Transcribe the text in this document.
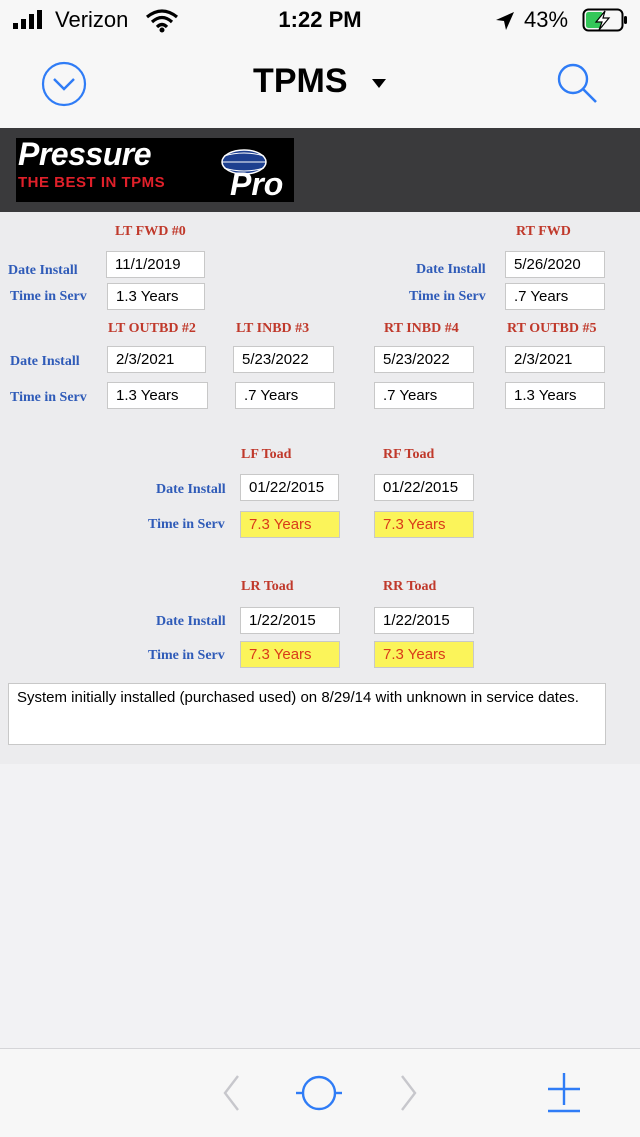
Verizon	1:22 PM	43%
TPMS
Pressure
THE BEST IN TPMS Pro
LT FWD #0	RT FWD
Date Install	11/1/2019	Date Install	5/26/2020
Time in Serv	1.3 Years	Time in Serv	.7 Years
LT OUTBD #2	LT INBD #3	RT INBD #4	RT OUTBD #5
Date Install	2/3/2021	5/23/2022	5/23/2022	2/3/2021
Time in Serv	1.3 Years	.7 Years	.7 Years	1.3 Years
LF Toad	RF Toad
Date Install	01/22/2015	01/22/2015
Time in Serv	7.3 Years	7.3 Years
LR Toad	RR Toad
Date Install	1/22/2015	1/22/2015
Time in Serv	7.3 Years	7.3 Years
System initially installed (purchased used) on 8/29/14 with unknown in service dates.
